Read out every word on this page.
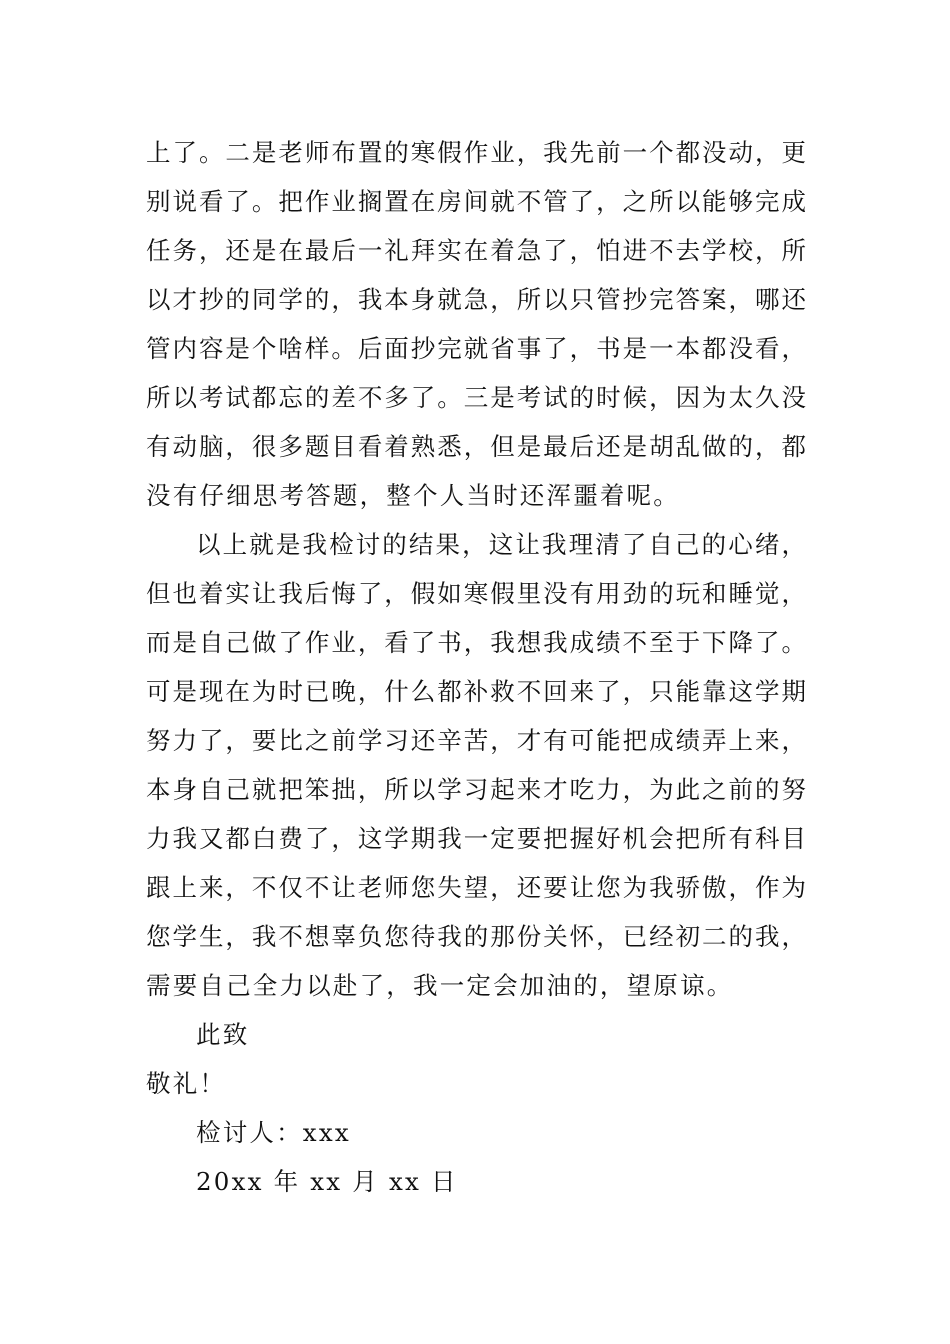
上了。二是老师布置的寒假作业，我先前一个都没动，更
别说看了。把作业搁置在房间就不管了，之所以能够完成
任务，还是在最后一礼拜实在着急了，怕进不去学校，所
以才抄的同学的，我本身就急，所以只管抄完答案，哪还
管内容是个啥样。后面抄完就省事了，书是一本都没看，
所以考试都忘的差不多了。三是考试的时候，因为太久没
有动脑，很多题目看着熟悉，但是最后还是胡乱做的，都
没有仔细思考答题，整个人当时还浑噩着呢。
以上就是我检讨的结果，这让我理清了自己的心绪，
但也着实让我后悔了，假如寒假里没有用劲的玩和睡觉，
而是自己做了作业，看了书，我想我成绩不至于下降了。
可是现在为时已晚，什么都补救不回来了，只能靠这学期
努力了，要比之前学习还辛苦，才有可能把成绩弄上来，
本身自己就把笨拙，所以学习起来才吃力，为此之前的努
力我又都白费了，这学期我一定要把握好机会把所有科目
跟上来，不仅不让老师您失望，还要让您为我骄傲，作为
您学生，我不想辜负您待我的那份关怀，已经初二的我，
需要自己全力以赴了，我一定会加油的，望原谅。
此致
敬礼！
检讨人：xxx
20xx 年 xx 月 xx 日
